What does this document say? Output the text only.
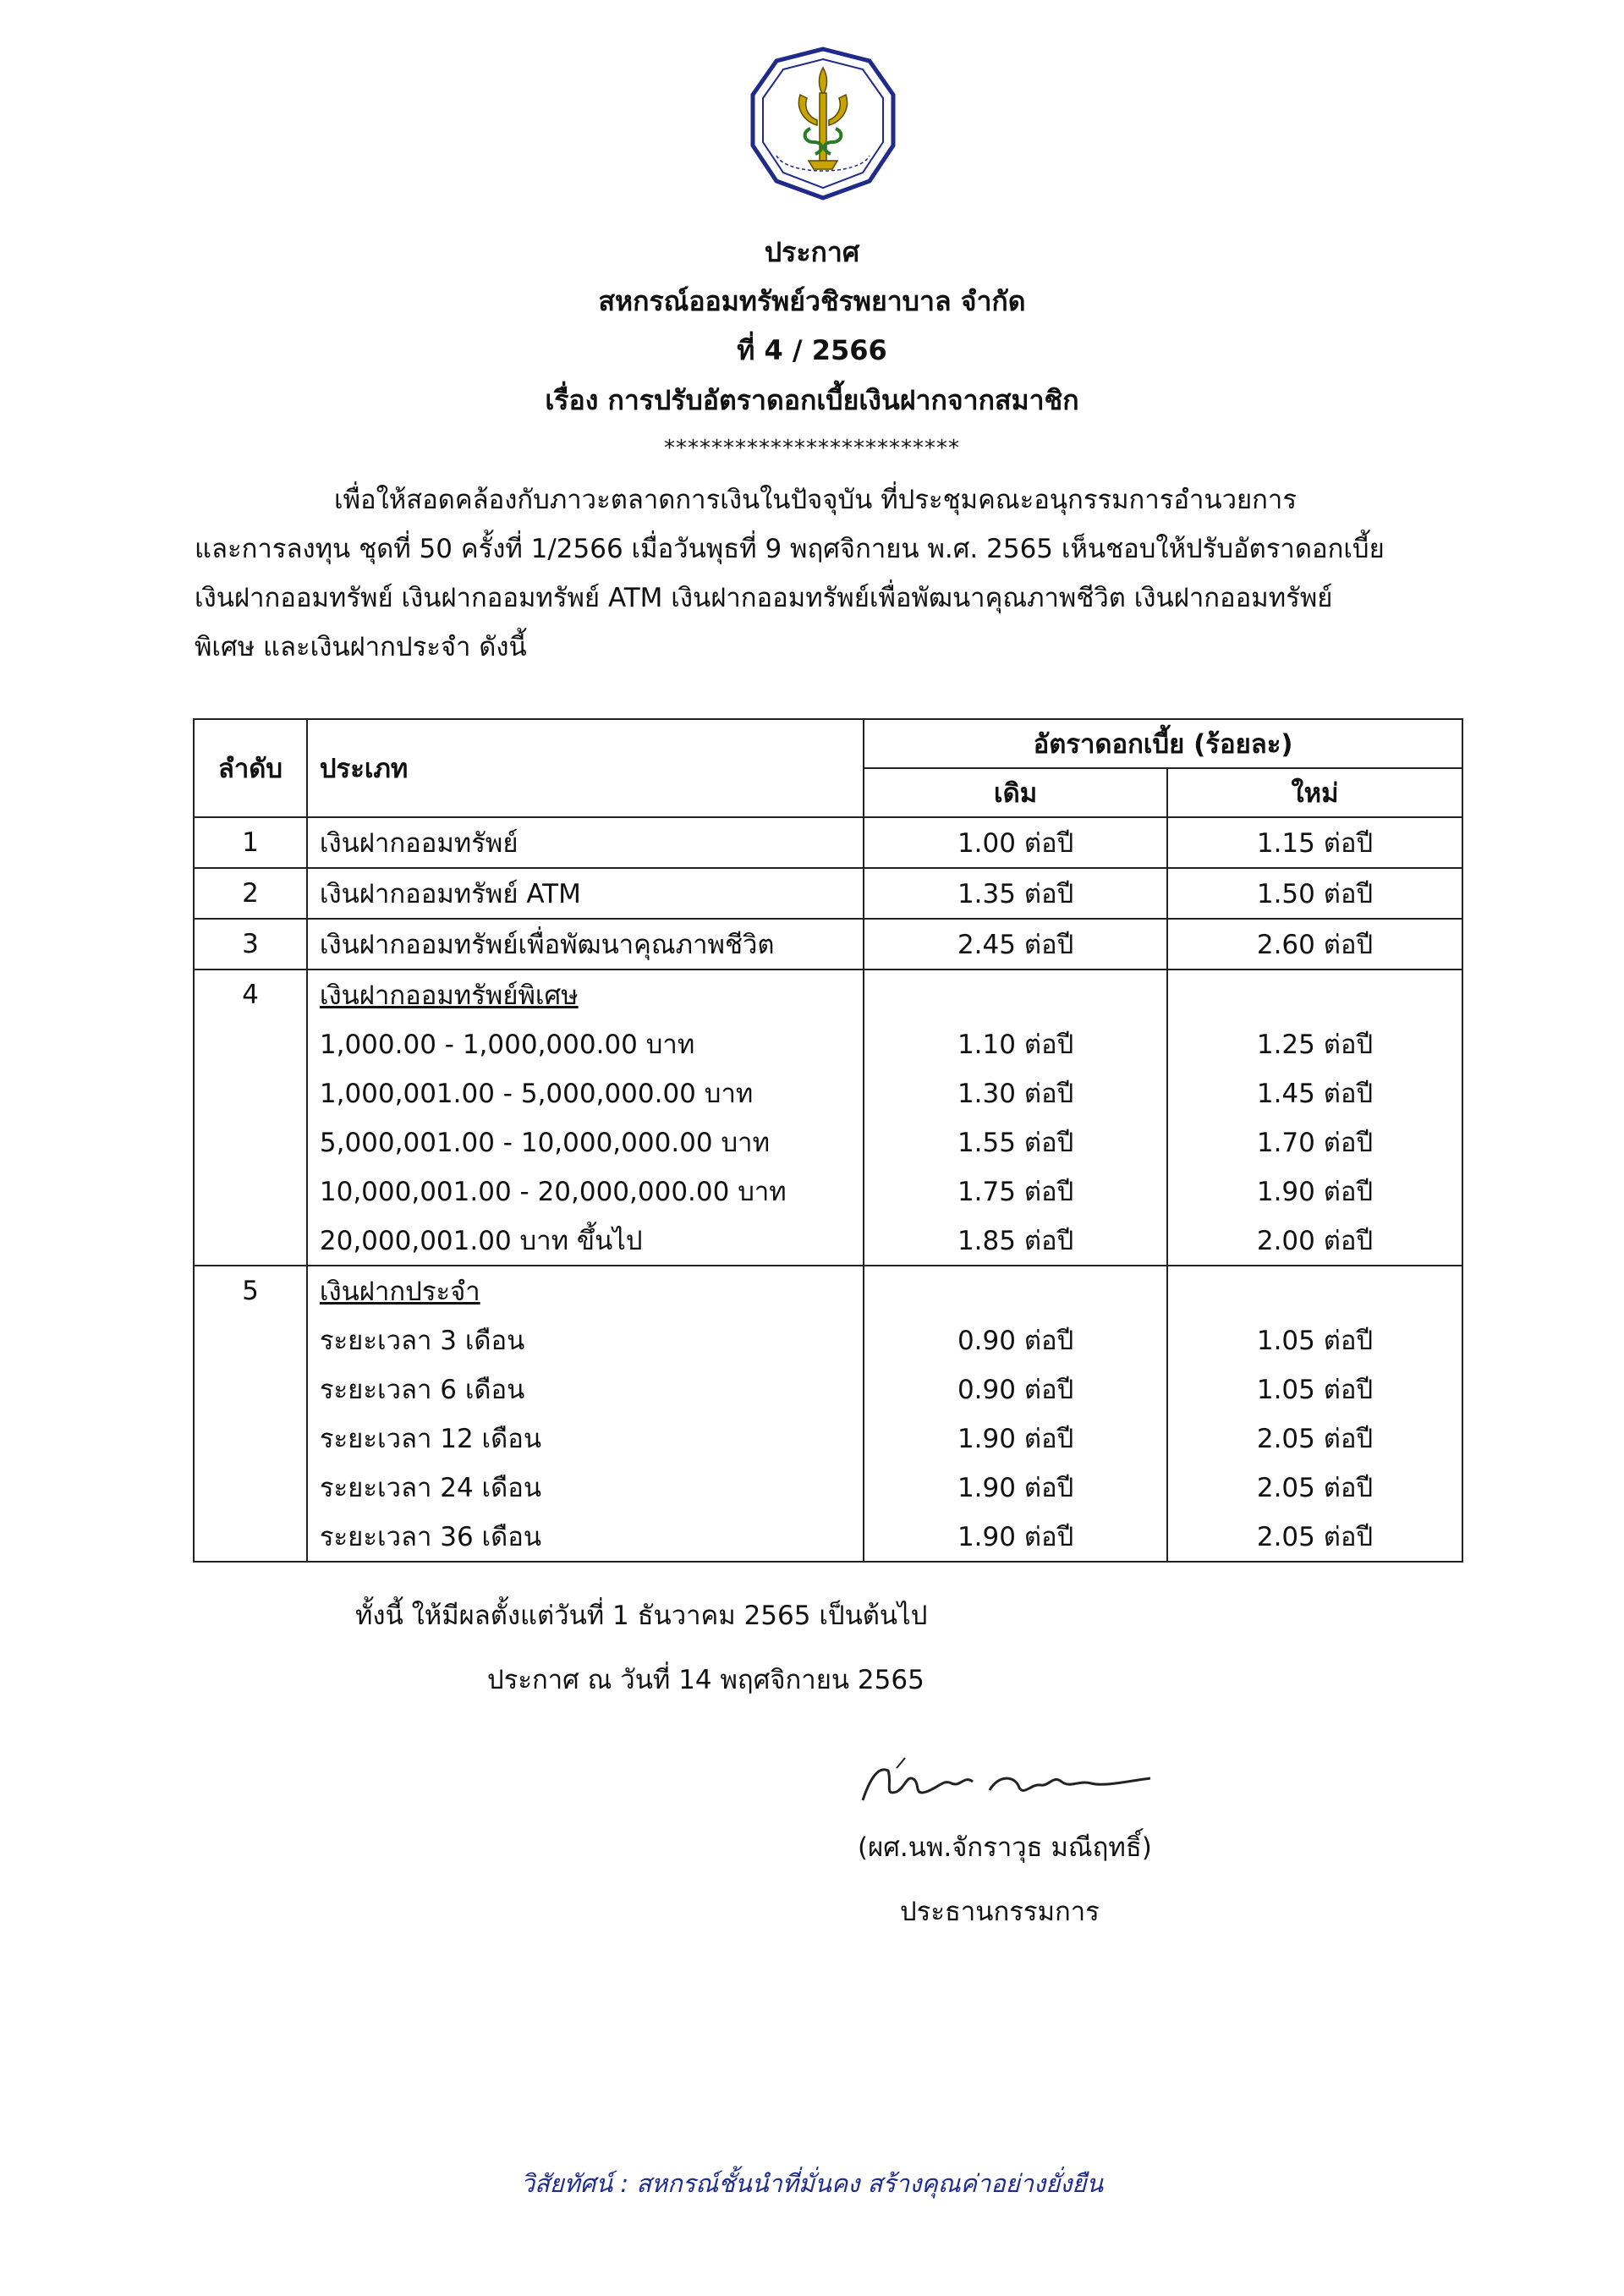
ประกาศ
สหกรณ์ออมทรัพย์วชิรพยาบาล จำกัด
ที่ 4 / 2566
เรื่อง การปรับอัตราดอกเบี้ยเงินฝากจากสมาชิก
*************************
เพื่อให้สอดคล้องกับภาวะตลาดการเงินในปัจจุบัน ที่ประชุมคณะอนุกรรมการอำนวยการ
และการลงทุน ชุดที่ 50 ครั้งที่ 1/2566 เมื่อวันพุธที่ 9 พฤศจิกายน พ.ศ. 2565 เห็นชอบให้ปรับอัตราดอกเบี้ย
เงินฝากออมทรัพย์ เงินฝากออมทรัพย์ ATM เงินฝากออมทรัพย์เพื่อพัฒนาคุณภาพชีวิต เงินฝากออมทรัพย์
พิเศษ และเงินฝากประจำ ดังนี้
ลำดับ	ประเภท	อัตราดอกเบี้ย (ร้อยละ)	
		เดิม	ใหม่
1	เงินฝากออมทรัพย์	1.00 ต่อปี	1.15 ต่อปี
2	เงินฝากออมทรัพย์ ATM	1.35 ต่อปี	1.50 ต่อปี
3	เงินฝากออมทรัพย์เพื่อพัฒนาคุณภาพชีวิต	2.45 ต่อปี	2.60 ต่อปี
4	เงินฝากออมทรัพย์พิเศษ		
	1,000.00 - 1,000,000.00 บาท	1.10 ต่อปี	1.25 ต่อปี
	1,000,001.00 - 5,000,000.00 บาท	1.30 ต่อปี	1.45 ต่อปี
	5,000,001.00 - 10,000,000.00 บาท	1.55 ต่อปี	1.70 ต่อปี
	10,000,001.00 - 20,000,000.00 บาท	1.75 ต่อปี	1.90 ต่อปี
	20,000,001.00 บาท ขึ้นไป	1.85 ต่อปี	2.00 ต่อปี
5	เงินฝากประจำ		
	ระยะเวลา 3 เดือน	0.90 ต่อปี	1.05 ต่อปี
	ระยะเวลา 6 เดือน	0.90 ต่อปี	1.05 ต่อปี
	ระยะเวลา 12 เดือน	1.90 ต่อปี	2.05 ต่อปี
	ระยะเวลา 24 เดือน	1.90 ต่อปี	2.05 ต่อปี
	ระยะเวลา 36 เดือน	1.90 ต่อปี	2.05 ต่อปี
ทั้งนี้ ให้มีผลตั้งแต่วันที่ 1 ธันวาคม 2565 เป็นต้นไป
ประกาศ ณ วันที่ 14 พฤศจิกายน 2565
(ผศ.นพ.จักราวุธ มณีฤทธิ์)
ประธานกรรมการ
วิสัยทัศน์ : สหกรณ์ชั้นนำที่มั่นคง สร้างคุณค่าอย่างยั่งยืน
